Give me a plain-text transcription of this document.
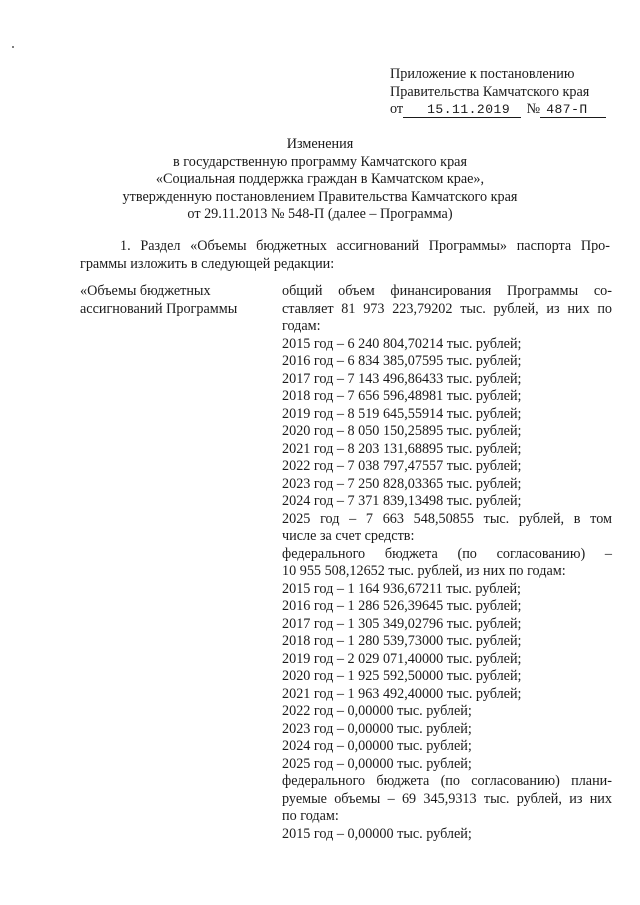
Приложение к постановлению
Правительства Камчатского края
от 15.11.2019 № 487-П
Изменения
в государственную программу Камчатского края
«Социальная поддержка граждан в Камчатском крае»,
утвержденную постановлением Правительства Камчатского края
от 29.11.2013 № 548-П (далее – Программа)
1. Раздел «Объемы бюджетных ассигнований Программы» паспорта Про-
граммы изложить в следующей редакции:
«Объемы бюджетных
ассигнований Программы
общий объем финансирования Программы со-
ставляет 81 973 223,79202 тыс. рублей, из них по
годам:
2015 год – 6 240 804,70214 тыс. рублей;
2016 год – 6 834 385,07595 тыс. рублей;
2017 год – 7 143 496,86433 тыс. рублей;
2018 год – 7 656 596,48981 тыс. рублей;
2019 год – 8 519 645,55914 тыс. рублей;
2020 год – 8 050 150,25895 тыс. рублей;
2021 год – 8 203 131,68895 тыс. рублей;
2022 год – 7 038 797,47557 тыс. рублей;
2023 год – 7 250 828,03365 тыс. рублей;
2024 год – 7 371 839,13498 тыс. рублей;
2025 год – 7 663 548,50855 тыс. рублей, в том
числе за счет средств:
федерального бюджета (по согласованию) –
10 955 508,12652 тыс. рублей, из них по годам:
2015 год – 1 164 936,67211 тыс. рублей;
2016 год – 1 286 526,39645 тыс. рублей;
2017 год – 1 305 349,02796 тыс. рублей;
2018 год – 1 280 539,73000 тыс. рублей;
2019 год – 2 029 071,40000 тыс. рублей;
2020 год – 1 925 592,50000 тыс. рублей;
2021 год – 1 963 492,40000 тыс. рублей;
2022 год – 0,00000 тыс. рублей;
2023 год – 0,00000 тыс. рублей;
2024 год – 0,00000 тыс. рублей;
2025 год – 0,00000 тыс. рублей;
федерального бюджета (по согласованию) плани-
руемые объемы – 69 345,9313 тыс. рублей, из них
по годам:
2015 год – 0,00000 тыс. рублей;
